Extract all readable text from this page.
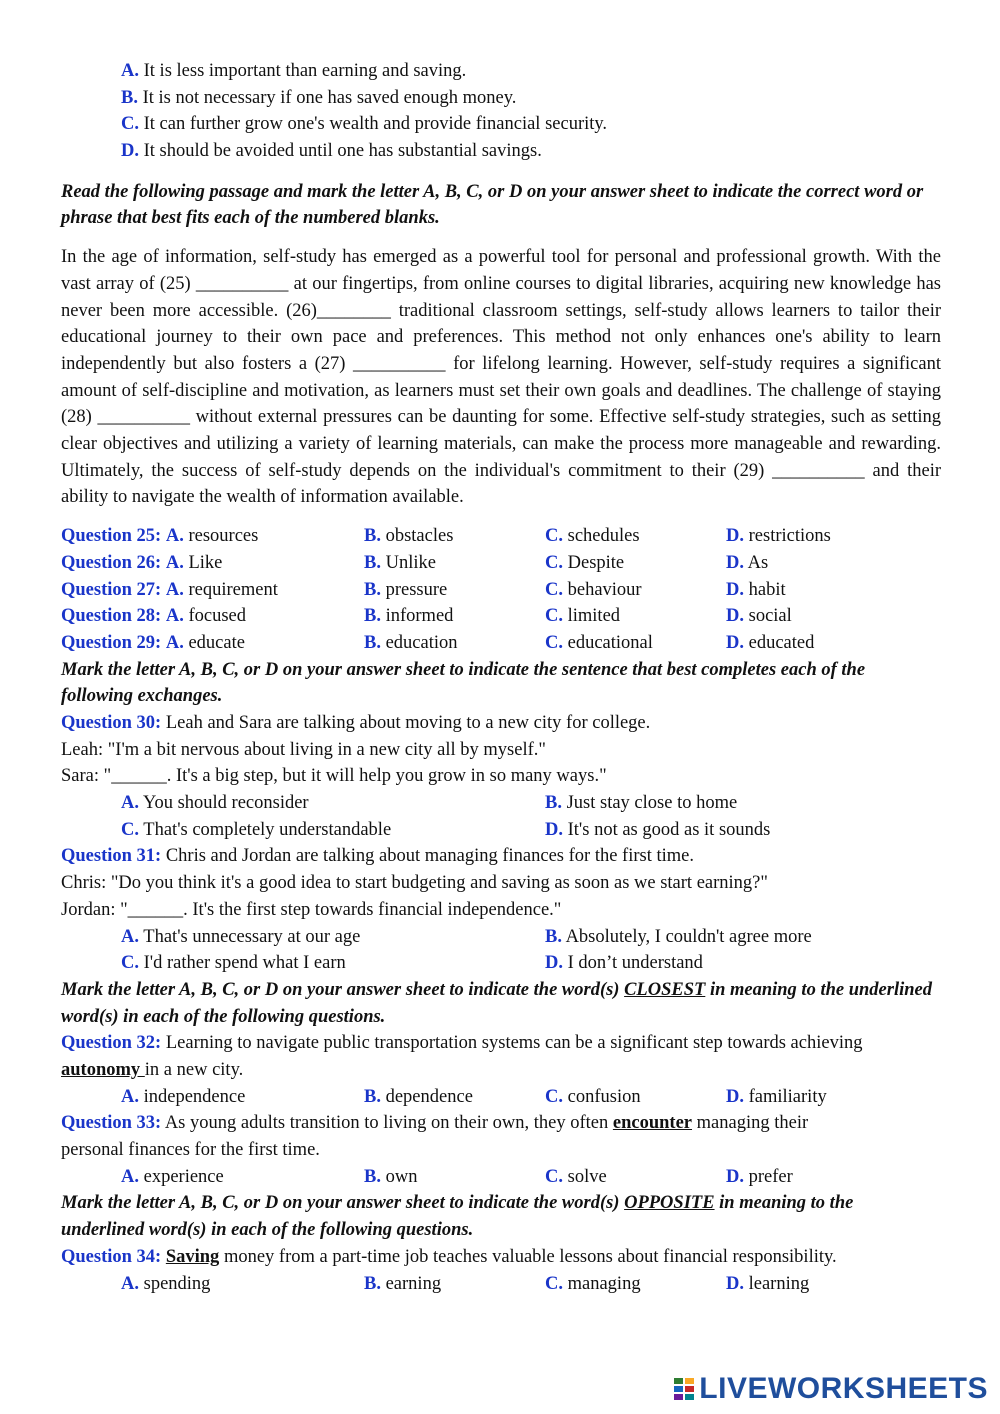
A. It is less important than earning and saving.
B. It is not necessary if one has saved enough money.
C. It can further grow one's wealth and provide financial security.
D. It should be avoided until one has substantial savings.
Read the following passage and mark the letter A, B, C, or D on your answer sheet to indicate the correct word or phrase that best fits each of the numbered blanks.
In the age of information, self-study has emerged as a powerful tool for personal and professional growth. With the vast array of (25) __________ at our fingertips, from online courses to digital libraries, acquiring new knowledge has never been more accessible. (26)________ traditional classroom settings, self-study allows learners to tailor their educational journey to their own pace and preferences. This method not only enhances one's ability to learn independently but also fosters a (27) __________ for lifelong learning. However, self-study requires a significant amount of self-discipline and motivation, as learners must set their own goals and deadlines. The challenge of staying (28) __________ without external pressures can be daunting for some. Effective self-study strategies, such as setting clear objectives and utilizing a variety of learning materials, can make the process more manageable and rewarding. Ultimately, the success of self-study depends on the individual's commitment to their (29) __________ and their ability to navigate the wealth of information available.
Question 25: A. resources	B. obstacles	C. schedules	D. restrictions
Question 26: A. Like	B. Unlike	C. Despite	D. As
Question 27: A. requirement	B. pressure	C. behaviour	D. habit
Question 28: A. focused	B. informed	C. limited	D. social
Question 29: A. educate	B. education	C. educational	D. educated
Mark the letter A, B, C, or D on your answer sheet to indicate the sentence that best completes each of the following exchanges.
Question 30: Leah and Sara are talking about moving to a new city for college.
Leah: "I'm a bit nervous about living in a new city all by myself."
Sara: "______. It's a big step, but it will help you grow in so many ways."
A. You should reconsider	B. Just stay close to home
C. That's completely understandable	D. It's not as good as it sounds
Question 31: Chris and Jordan are talking about managing finances for the first time.
Chris: "Do you think it's a good idea to start budgeting and saving as soon as we start earning?"
Jordan: "______. It's the first step towards financial independence."
A. That's unnecessary at our age	B. Absolutely, I couldn't agree more
C. I'd rather spend what I earn	D. I don’t understand
Mark the letter A, B, C, or D on your answer sheet to indicate the word(s) CLOSEST in meaning to the underlined word(s) in each of the following questions.
Question 32: Learning to navigate public transportation systems can be a significant step towards achieving
autonomy in a new city.
A. independence	B. dependence	C. confusion	D. familiarity
Question 33: As young adults transition to living on their own, they often encounter managing their
personal finances for the first time.
A. experience	B. own	C. solve	D. prefer
Mark the letter A, B, C, or D on your answer sheet to indicate the word(s) OPPOSITE in meaning to the underlined word(s) in each of the following questions.
Question 34: Saving money from a part-time job teaches valuable lessons about financial responsibility.
A. spending	B. earning	C. managing	D. learning
LIVEWORKSHEETS
